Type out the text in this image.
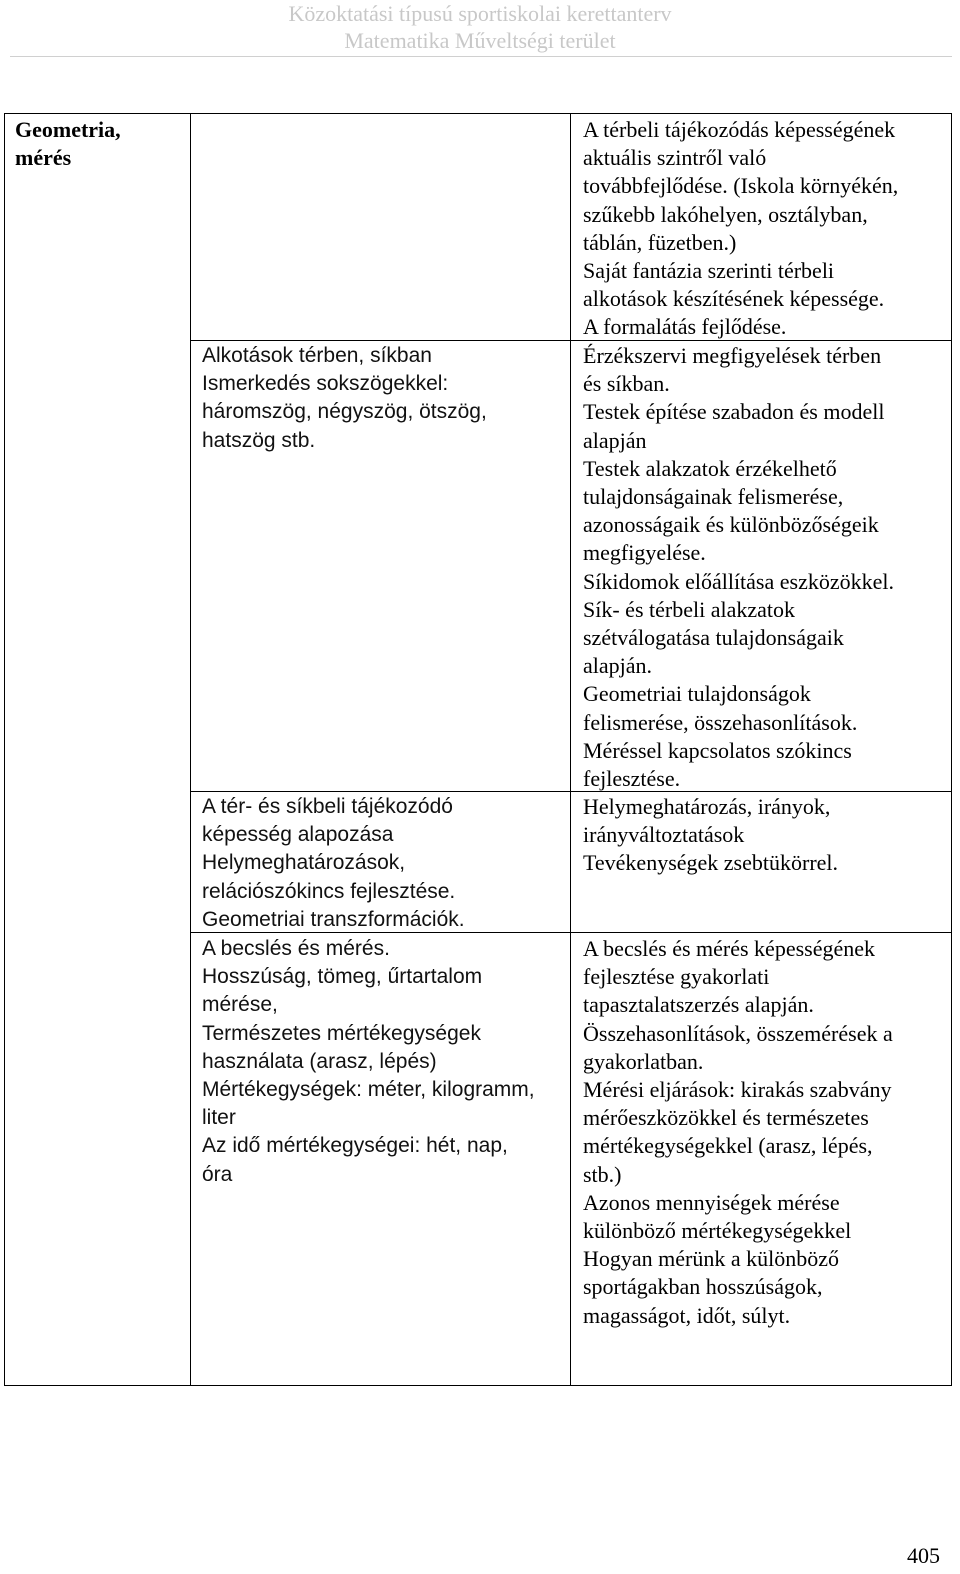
Közoktatási típusú sportiskolai kerettanterv
Matematika Műveltségi terület

Geometria,
mérés

A térbeli tájékozódás képességének
aktuális szintről való
továbbfejlődése. (Iskola környékén,
szűkebb lakóhelyen, osztályban,
táblán, füzetben.)
Saját fantázia szerinti térbeli
alkotások készítésének képessége.
A formalátás fejlődése.

Alkotások térben, síkban
Ismerkedés sokszögekkel:
háromszög, négyszög, ötszög,
hatszög stb.

Érzékszervi megfigyelések térben
és síkban.
Testek építése szabadon és modell
alapján
Testek alakzatok érzékelhető
tulajdonságainak felismerése,
azonosságaik és különbözőségeik
megfigyelése.
Síkidomok előállítása eszközökkel.
Sík- és térbeli alakzatok
szétválogatása tulajdonságaik
alapján.
Geometriai tulajdonságok
felismerése, összehasonlítások.
Méréssel kapcsolatos szókincs
fejlesztése.

A tér- és síkbeli tájékozódó
képesség alapozása
Helymeghatározások,
relációszókincs fejlesztése.
Geometriai transzformációk.

Helymeghatározás, irányok,
irányváltoztatások
Tevékenységek zsebtükörrel.

A becslés és mérés.
Hosszúság, tömeg, űrtartalom
mérése,
Természetes mértékegységek
használata (arasz, lépés)
Mértékegységek: méter, kilogramm,
liter
Az idő mértékegységei: hét, nap,
óra

A becslés és mérés képességének
fejlesztése gyakorlati
tapasztalatszerzés alapján.
Összehasonlítások, összemérések a
gyakorlatban.
Mérési eljárások: kirakás szabvány
mérőeszközökkel és természetes
mértékegységekkel (arasz, lépés,
stb.)
Azonos mennyiségek mérése
különböző mértékegységekkel
Hogyan mérünk a különböző
sportágakban hosszúságok,
magasságot, időt, súlyt.

405
